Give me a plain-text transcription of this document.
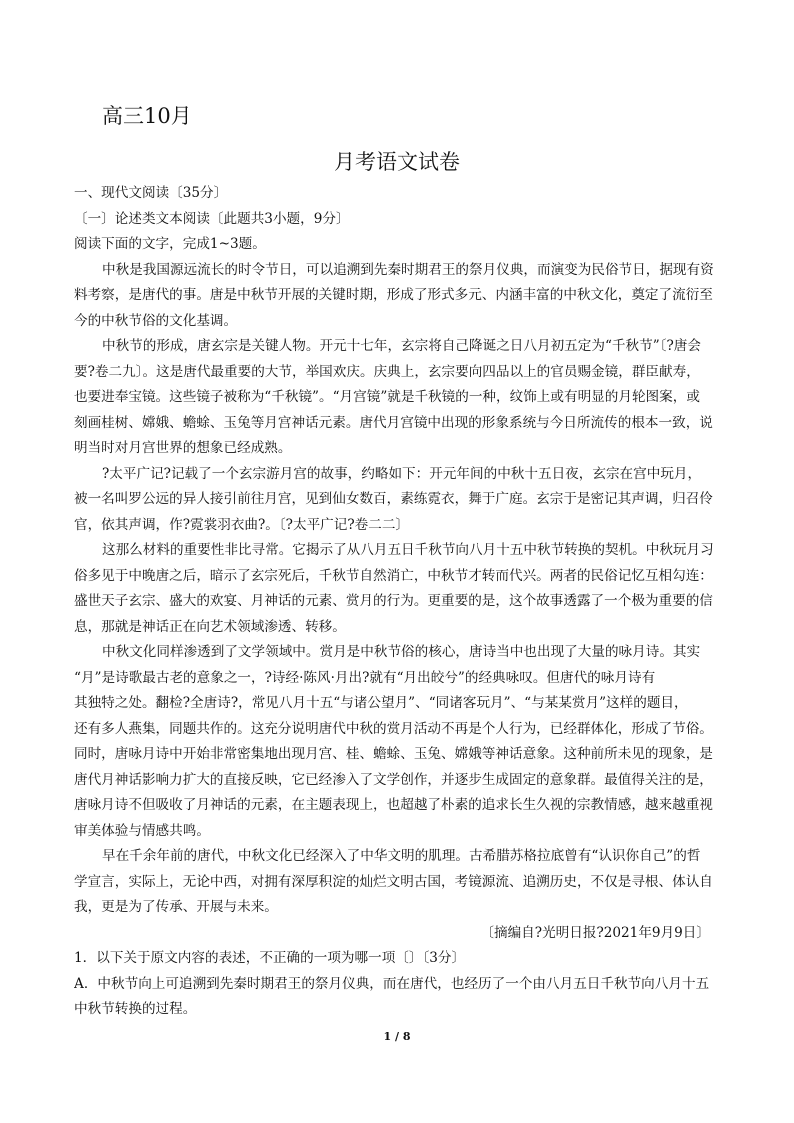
高三10月
月考语文试卷
一、现代文阅读〔35分〕
〔一〕论述类文本阅读〔此题共3小题，9分〕
阅读下面的文字，完成1~3题。
中秋是我国源远流长的时令节日，可以追溯到先秦时期君王的祭月仪典，而演变为民俗节日，据现有资
料考察，是唐代的事。唐是中秋节开展的关键时期，形成了形式多元、内涵丰富的中秋文化，奠定了流衍至
今的中秋节俗的文化基调。
中秋节的形成，唐玄宗是关键人物。开元十七年，玄宗将自己降诞之日八月初五定为“千秋节”〔?唐会
要?卷二九〕。这是唐代最重要的大节，举国欢庆。庆典上，玄宗要向四品以上的官员赐金镜，群臣献寿，
也要进奉宝镜。这些镜子被称为“千秋镜”。“月宫镜”就是千秋镜的一种，纹饰上或有明显的月轮图案，或
刻画桂树、嫦娥、蟾蜍、玉兔等月宫神话元素。唐代月宫镜中出现的形象系统与今日所流传的根本一致，说
明当时对月宫世界的想象已经成熟。
?太平广记?记载了一个玄宗游月宫的故事，约略如下：开元年间的中秋十五日夜，玄宗在宫中玩月，
被一名叫罗公远的异人接引前往月宫，见到仙女数百，素练霓衣，舞于广庭。玄宗于是密记其声调，归召伶
官，依其声调，作?霓裳羽衣曲?。〔?太平广记?卷二二〕
这那么材料的重要性非比寻常。它揭示了从八月五日千秋节向八月十五中秋节转换的契机。中秋玩月习
俗多见于中晚唐之后，暗示了玄宗死后，千秋节自然消亡，中秋节才转而代兴。两者的民俗记忆互相勾连：
盛世天子玄宗、盛大的欢宴、月神话的元素、赏月的行为。更重要的是，这个故事透露了一个极为重要的信
息，那就是神话正在向艺术领域渗透、转移。
中秋文化同样渗透到了文学领域中。赏月是中秋节俗的核心，唐诗当中也出现了大量的咏月诗。其实
“月”是诗歌最古老的意象之一，?诗经·陈风·月出?就有“月出皎兮”的经典咏叹。但唐代的咏月诗有
其独特之处。翻检?全唐诗?，常见八月十五“与诸公望月”、“同诸客玩月”、“与某某赏月”这样的题目，
还有多人燕集，同题共作的。这充分说明唐代中秋的赏月活动不再是个人行为，已经群体化，形成了节俗。
同时，唐咏月诗中开始非常密集地出现月宫、桂、蟾蜍、玉兔、嫦娥等神话意象。这种前所未见的现象，是
唐代月神话影响力扩大的直接反映，它已经渗入了文学创作，并逐步生成固定的意象群。最值得关注的是，
唐咏月诗不但吸收了月神话的元素，在主题表现上，也超越了朴素的追求长生久视的宗教情感，越来越重视
审美体验与情感共鸣。
早在千余年前的唐代，中秋文化已经深入了中华文明的肌理。古希腊苏格拉底曾有“认识你自己”的哲
学宣言，实际上，无论中西，对拥有深厚积淀的灿烂文明古国，考镜源流、追溯历史，不仅是寻根、体认自
我，更是为了传承、开展与未来。
〔摘编自?光明日报?2021年9月9日〕
1．以下关于原文内容的表述，不正确的一项为哪一项〔〕〔3分〕
A．中秋节向上可追溯到先秦时期君王的祭月仪典，而在唐代，也经历了一个由八月五日千秋节向八月十五
中秋节转换的过程。
1 / 8
